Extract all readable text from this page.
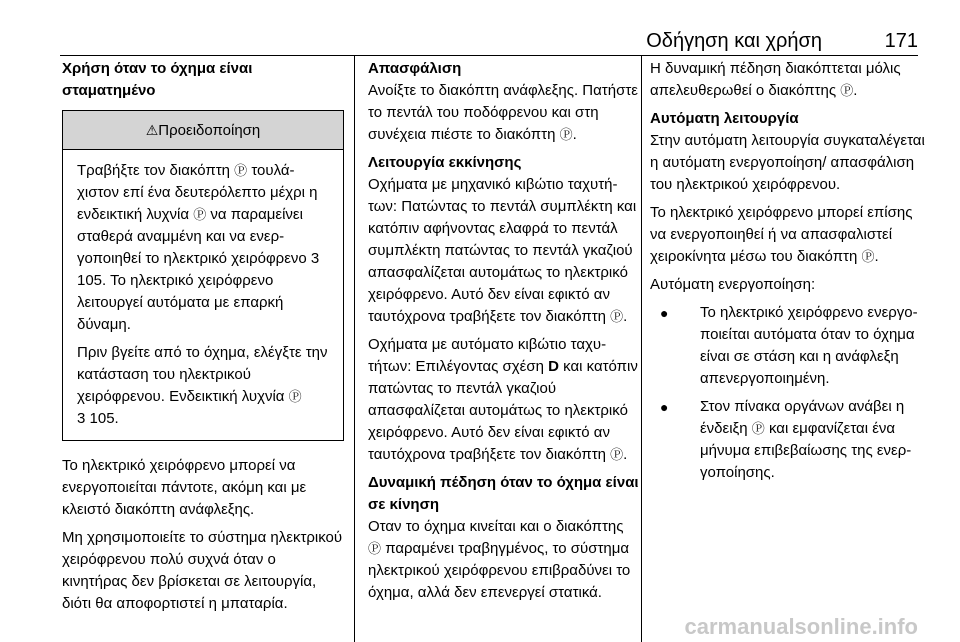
Οδήγηση και χρήση	171

Χρήση όταν το όχημα είναι σταματημένο

⚠Προειδοποίηση

Τραβήξτε τον διακόπτη Ⓟ τουλάχιστον επί ένα δευτερόλεπτο μέχρι η ενδεικτική λυχνία Ⓟ να παραμείνει σταθερά αναμμένη και να ενεργοποιηθεί το ηλεκτρικό χειρόφρενο 3 105. Το ηλεκτρικό χειρόφρενο λειτουργεί αυτόματα με επαρκή δύναμη.

Πριν βγείτε από το όχημα, ελέγξτε την κατάσταση του ηλεκτρικού χειρόφρενου. Ενδεικτική λυχνία Ⓟ
3 105.

Το ηλεκτρικό χειρόφρενο μπορεί να ενεργοποιείται πάντοτε, ακόμη και με κλειστό διακόπτη ανάφλεξης.

Μη χρησιμοποιείτε το σύστημα ηλεκτρικού χειρόφρενου πολύ συχνά όταν ο κινητήρας δεν βρίσκεται σε λειτουργία, διότι θα αποφορτιστεί η μπαταρία.

Απασφάλιση

Ανοίξτε το διακόπτη ανάφλεξης. Πατήστε το πεντάλ του ποδόφρενου και στη συνέχεια πιέστε το διακόπτη Ⓟ.

Λειτουργία εκκίνησης

Οχήματα με μηχανικό κιβώτιο ταχυτήτων: Πατώντας το πεντάλ συμπλέκτη και κατόπιν αφήνοντας ελαφρά το πεντάλ συμπλέκτη πατώντας το πεντάλ γκαζιού απασφαλίζεται αυτομάτως το ηλεκτρικό χειρόφρενο. Αυτό δεν είναι εφικτό αν ταυτόχρονα τραβήξετε τον διακόπτη Ⓟ.

Οχήματα με αυτόματο κιβώτιο ταχυτήτων: Επιλέγοντας σχέση D και κατόπιν πατώντας το πεντάλ γκαζιού απασφαλίζεται αυτομάτως το ηλεκτρικό χειρόφρενο. Αυτό δεν είναι εφικτό αν ταυτόχρονα τραβήξετε τον διακόπτη Ⓟ.

Δυναμική πέδηση όταν το όχημα είναι σε κίνηση

Οταν το όχημα κινείται και ο διακόπτης Ⓟ παραμένει τραβηγμένος, το σύστημα ηλεκτρικού χειρόφρενου επιβραδύνει το όχημα, αλλά δεν επενεργεί στατικά.

Η δυναμική πέδηση διακόπτεται μόλις απελευθερωθεί ο διακόπτης Ⓟ.

Αυτόματη λειτουργία

Στην αυτόματη λειτουργία συγκαταλέγεται η αυτόματη ενεργοποίηση/ απασφάλιση του ηλεκτρικού χειρόφρενου.

Το ηλεκτρικό χειρόφρενο μπορεί επίσης να ενεργοποιηθεί ή να απασφαλιστεί χειροκίνητα μέσω του διακόπτη Ⓟ.

Αυτόματη ενεργοποίηση:

●	Το ηλεκτρικό χειρόφρενο ενεργοποιείται αυτόματα όταν το όχημα είναι σε στάση και η ανάφλεξη απενεργοποιημένη.
●	Στον πίνακα οργάνων ανάβει η ένδειξη Ⓟ και εμφανίζεται ένα μήνυμα επιβεβαίωσης της ενεργοποίησης.
carmanualsonline.info
